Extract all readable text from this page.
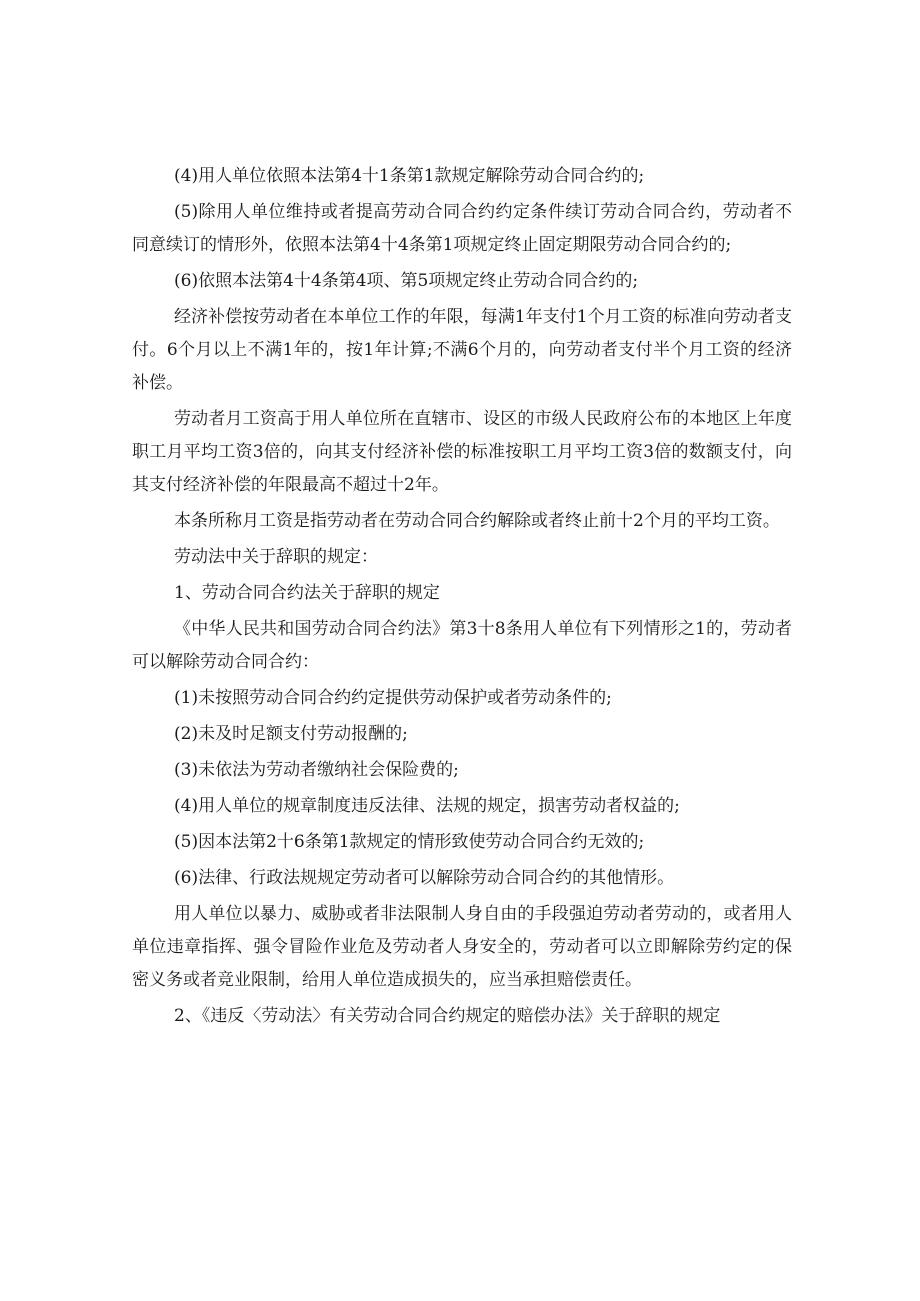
(4)用人单位依照本法第4十1条第1款规定解除劳动合同合约的;

(5)除用人单位维持或者提高劳动合同合约约定条件续订劳动合同合约，劳动者不同意续订的情形外，依照本法第4十4条第1项规定终止固定期限劳动合同合约的;

(6)依照本法第4十4条第4项、第5项规定终止劳动合同合约的;

经济补偿按劳动者在本单位工作的年限，每满1年支付1个月工资的标准向劳动者支付。6个月以上不满1年的，按1年计算;不满6个月的，向劳动者支付半个月工资的经济补偿。

劳动者月工资高于用人单位所在直辖市、设区的市级人民政府公布的本地区上年度职工月平均工资3倍的，向其支付经济补偿的标准按职工月平均工资3倍的数额支付，向其支付经济补偿的年限最高不超过十2年。

本条所称月工资是指劳动者在劳动合同合约解除或者终止前十2个月的平均工资。

劳动法中关于辞职的规定：

1、劳动合同合约法关于辞职的规定

《中华人民共和国劳动合同合约法》第3十8条用人单位有下列情形之1的，劳动者可以解除劳动合同合约：

(1)未按照劳动合同合约约定提供劳动保护或者劳动条件的;

(2)未及时足额支付劳动报酬的;

(3)未依法为劳动者缴纳社会保险费的;

(4)用人单位的规章制度违反法律、法规的规定，损害劳动者权益的;

(5)因本法第2十6条第1款规定的情形致使劳动合同合约无效的;

(6)法律、行政法规规定劳动者可以解除劳动合同合约的其他情形。

用人单位以暴力、威胁或者非法限制人身自由的手段强迫劳动者劳动的，或者用人单位违章指挥、强令冒险作业危及劳动者人身安全的，劳动者可以立即解除劳约定的保密义务或者竞业限制，给用人单位造成损失的，应当承担赔偿责任。

2、《违反〈劳动法〉有关劳动合同合约规定的赔偿办法》关于辞职的规定
